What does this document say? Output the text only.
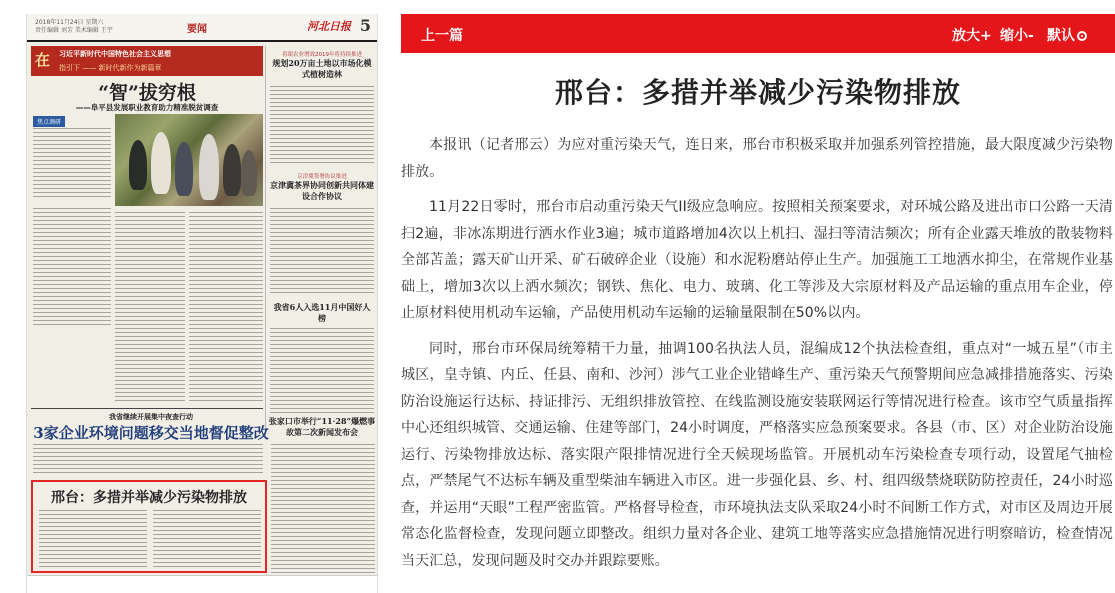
2018年11月24日 星期六
责任编辑 刘芳 美术编辑 王宇	要闻	河北日报 5
在 习近平新时代中国特色社会主义思想
指引下 —— 新时代新作为新篇章
“智”拔穷根
——阜平县发展职业教育助力精准脱贫调查
焦点调研
着眼农业增效2019年将持续推进
规划20万亩土地以市场化模式植树造林
京津冀签署协议推进
京津冀茶界协同创新共同体建设合作协议
我省6人入选11月中国好人榜
我省继续开展集中夜查行动
3家企业环境问题移交当地督促整改
张家口市举行“11·28”爆燃事故第二次新闻发布会
邢台：多措并举减少污染物排放
上一篇	放大+ 缩小- 默认
邢台：多措并举减少污染物排放

本报讯（记者邢云）为应对重污染天气，连日来，邢台市积极采取并加强系列管控措施，最大限度减少污染物排放。

11月22日零时，邢台市启动重污染天气II级应急响应。按照相关预案要求，对环城公路及进出市口公路一天清扫2遍，非冰冻期进行洒水作业3遍；城市道路增加4次以上机扫、湿扫等清洁频次；所有企业露天堆放的散装物料全部苫盖；露天矿山开采、矿石破碎企业（设施）和水泥粉磨站停止生产。加强施工工地洒水抑尘，在常规作业基础上，增加3次以上洒水频次；钢铁、焦化、电力、玻璃、化工等涉及大宗原材料及产品运输的重点用车企业，停止原材料使用机动车运输，产品使用机动车运输的运输量限制在50%以内。

同时，邢台市环保局统筹精干力量，抽调100名执法人员，混编成12个执法检查组，重点对“一城五星”（市主城区，皇寺镇、内丘、任县、南和、沙河）涉气工业企业错峰生产、重污染天气预警期间应急减排措施落实、污染防治设施运行达标、持证排污、无组织排放管控、在线监测设施安装联网运行等情况进行检查。该市空气质量指挥中心还组织城管、交通运输、住建等部门，24小时调度，严格落实应急预案要求。各县（市、区）对企业防治设施运行、污染物排放达标、落实限产限排情况进行全天候现场监管。开展机动车污染检查专项行动，设置尾气抽检点，严禁尾气不达标车辆及重型柴油车辆进入市区。进一步强化县、乡、村、组四级禁烧联防防控责任，24小时巡查，并运用“天眼”工程严密监管。严格督导检查，市环境执法支队采取24小时不间断工作方式，对市区及周边开展常态化监督检查，发现问题立即整改。组织力量对各企业、建筑工地等落实应急措施情况进行明察暗访，检查情况当天汇总，发现问题及时交办并跟踪要账。
